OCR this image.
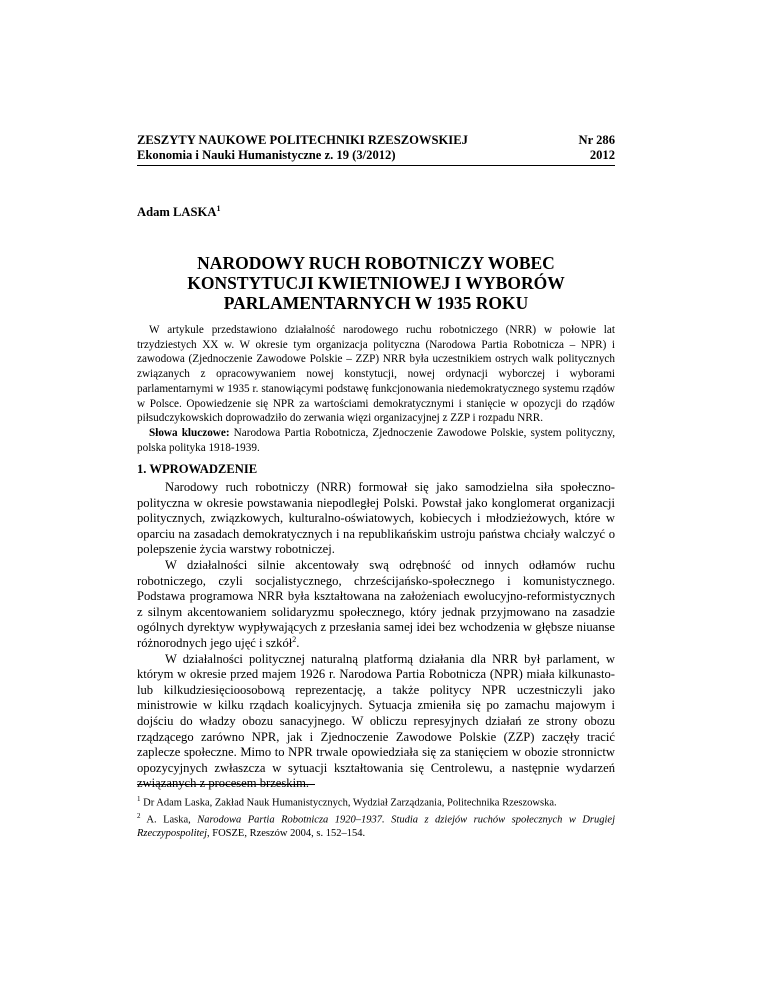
ZESZYTY NAUKOWE POLITECHNIKI RZESZOWSKIEJ	Nr 286
Ekonomia i Nauki Humanistyczne z. 19 (3/2012)	2012
Adam LASKA$^1$
NARODOWY RUCH ROBOTNICZY WOBEC
KONSTYTUCJI KWIETNIOWEJ I WYBORÓW
PARLAMENTARNYCH W 1935 ROKU

W artykule przedstawiono działalność narodowego ruchu robotniczego (NRR) w połowie lat trzydziestych XX w. W okresie tym organizacja polityczna (Narodowa Partia Robotnicza – NPR) i zawodowa (Zjednoczenie Zawodowe Polskie – ZZP) NRR była uczestnikiem ostrych walk politycznych związanych z opracowywaniem nowej konstytucji, nowej ordynacji wyborczej i wyborami parlamentarnymi w 1935 r. stanowiącymi podstawę funkcjonowania niedemokratycznego systemu rządów w Polsce. Opowiedzenie się NPR za wartościami demokratycznymi i stanięcie w opozycji do rządów piłsudczykowskich doprowadziło do zerwania więzi organizacyjnej z ZZP i rozpadu NRR.

Słowa kluczowe: Narodowa Partia Robotnicza, Zjednoczenie Zawodowe Polskie, system polityczny, polska polityka 1918-1939.

1. WPROWADZENIE

Narodowy ruch robotniczy (NRR) formował się jako samodzielna siła społeczno-polityczna w okresie powstawania niepodległej Polski. Powstał jako konglomerat organizacji politycznych, związkowych, kulturalno-oświatowych, kobiecych i młodzieżowych, które w oparciu na zasadach demokratycznych i na republikańskim ustroju państwa chciały walczyć o polepszenie życia warstwy robotniczej.

W działalności silnie akcentowały swą odrębność od innych odłamów ruchu robotniczego, czyli socjalistycznego, chrześcijańsko-społecznego i komunistycznego. Podstawa programowa NRR była kształtowana na założeniach ewolucyjno-reformistycznych z silnym akcentowaniem solidaryzmu społecznego, który jednak przyjmowano na zasadzie ogólnych dyrektyw wypływających z przesłania samej idei bez wchodzenia w głębsze niuanse różnorodnych jego ujęć i szkół$^2$.

W działalności politycznej naturalną platformą działania dla NRR był parlament, w którym w okresie przed majem 1926 r. Narodowa Partia Robotnicza (NPR) miała kilkunasto- lub kilkudziesięcioosobową reprezentację, a także politycy NPR uczestniczyli jako ministrowie w kilku rządach koalicyjnych. Sytuacja zmieniła się po zamachu majowym i dojściu do władzy obozu sanacyjnego. W obliczu represyjnych działań ze strony obozu rządzącego zarówno NPR, jak i Zjednoczenie Zawodowe Polskie (ZZP) zaczęły tracić zaplecze społeczne. Mimo to NPR trwale opowiedziała się za stanięciem w obozie stronnictw opozycyjnych zwłaszcza w sytuacji kształtowania się Centrolewu, a następnie wydarzeń związanych z procesem brzeskim.

$^1$ Dr Adam Laska, Zakład Nauk Humanistycznych, Wydział Zarządzania, Politechnika Rzeszowska.

$^2$ A. Laska, Narodowa Partia Robotnicza 1920–1937. Studia z dziejów ruchów społecznych w Drugiej Rzeczypospolitej, FOSZE, Rzeszów 2004, s. 152–154.
